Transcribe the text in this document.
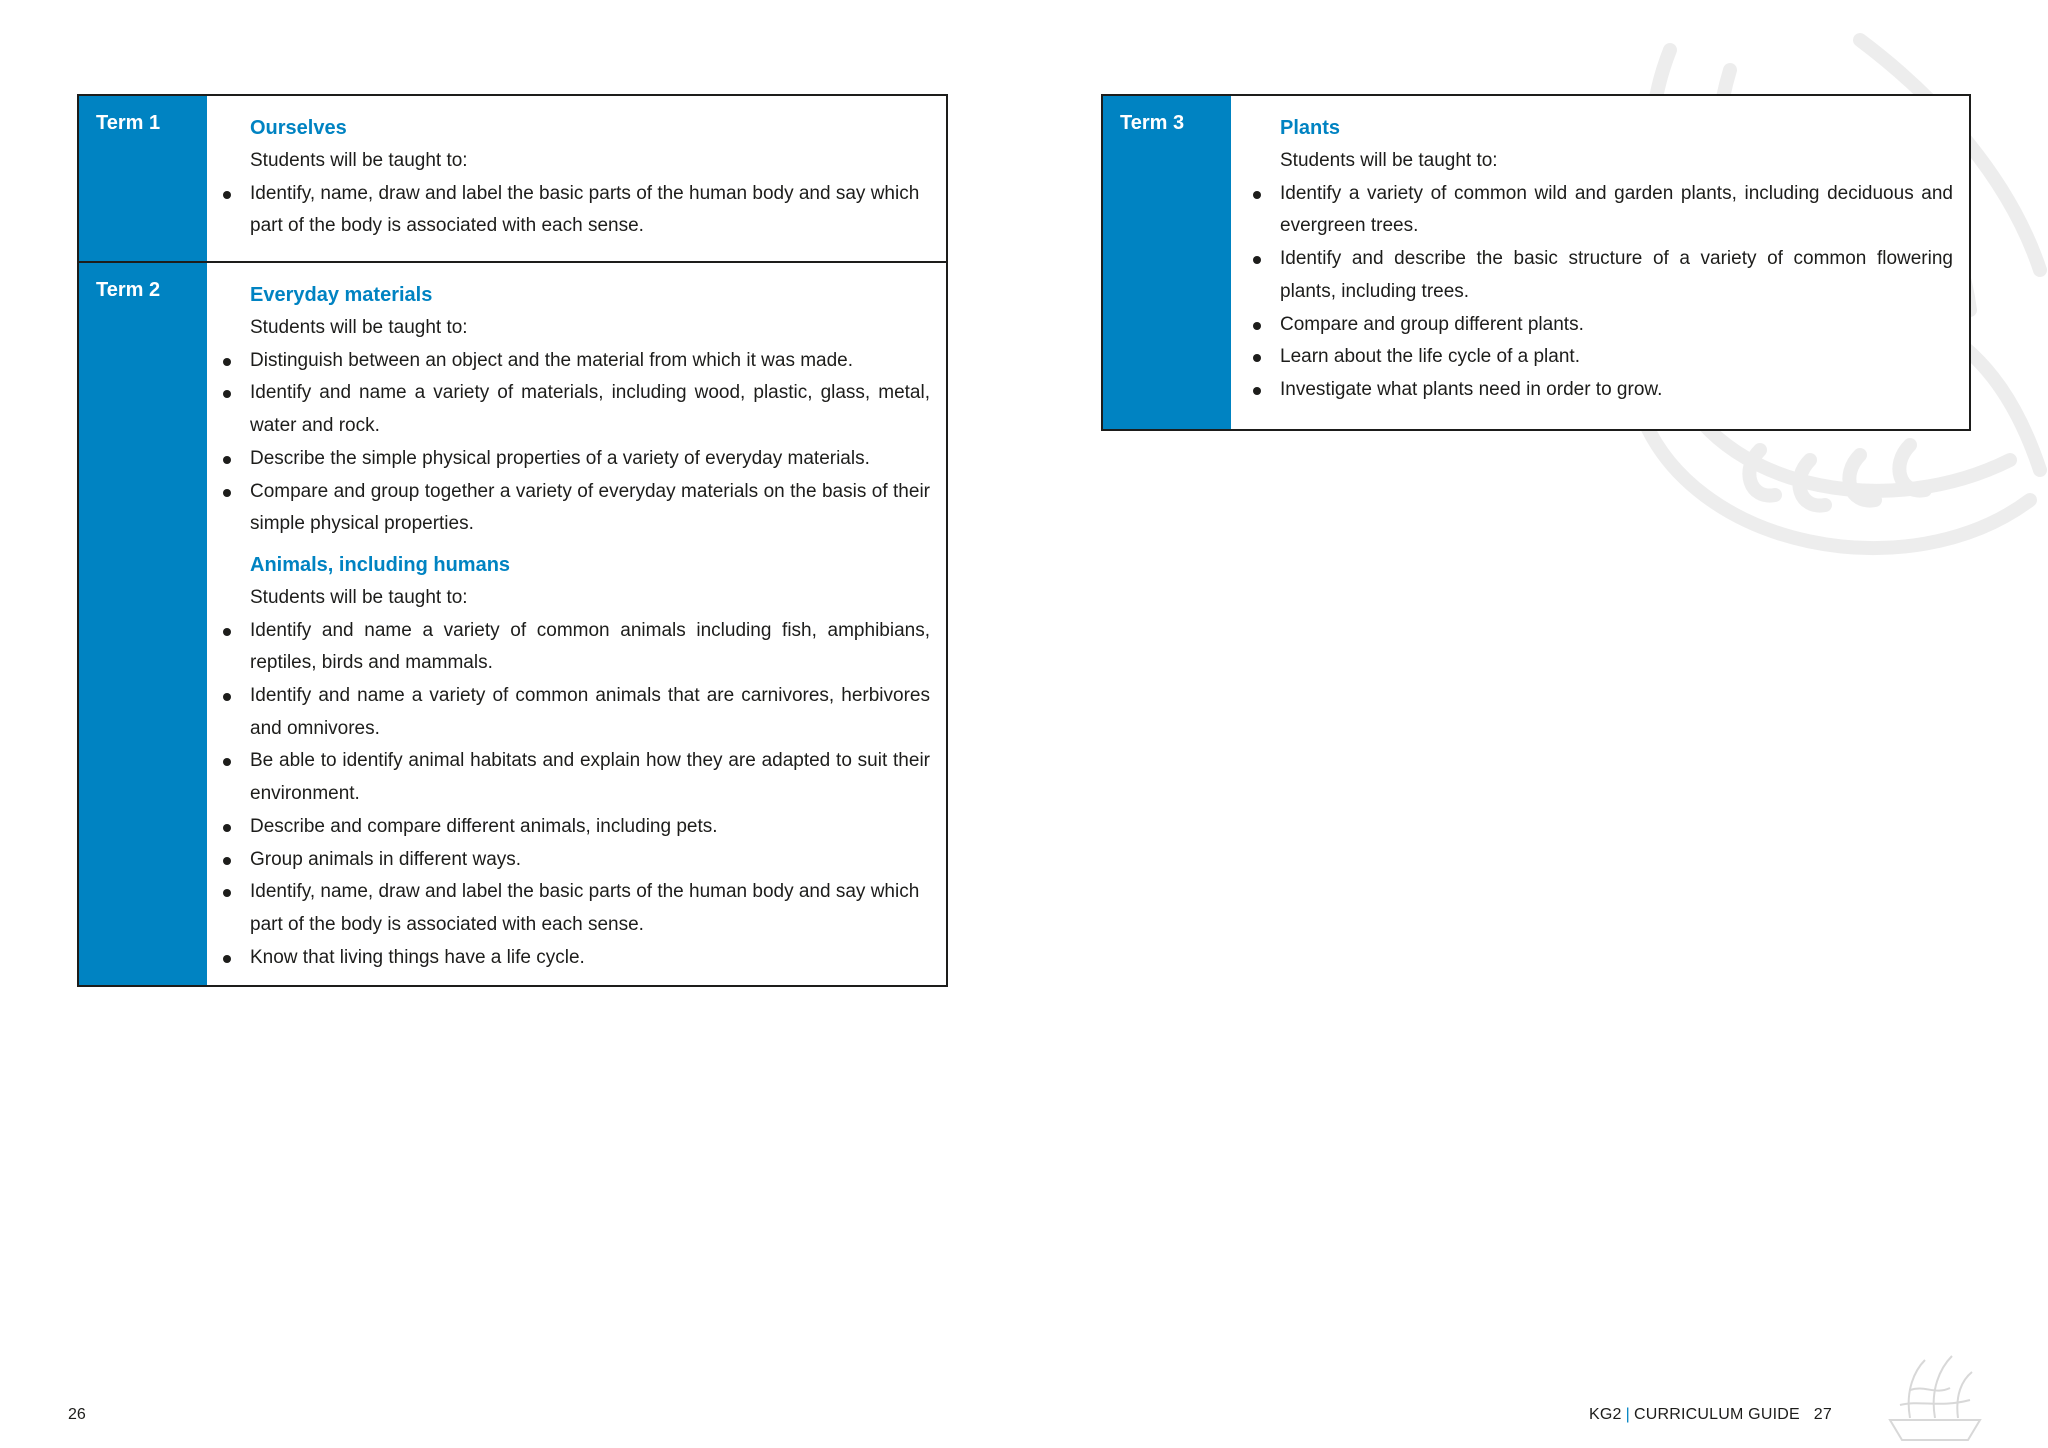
Term 1	Ourselves
Students will be taught to:
Identify, name, draw and label the basic parts of the human body and say which part of the body is associated with each sense.
Term 2	Everyday materials
Students will be taught to:
Distinguish between an object and the material from which it was made.
Identify and name a variety of materials, including wood, plastic, glass, metal, water and rock.
Describe the simple physical properties of a variety of everyday materials.
Compare and group together a variety of everyday materials on the basis of their simple physical properties.
Animals, including humans
Students will be taught to:
Identify and name a variety of common animals including fish, amphibians, reptiles, birds and mammals.
Identify and name a variety of common animals that are carnivores, herbivores and omnivores.
Be able to identify animal habitats and explain how they are adapted to suit their environment.
Describe and compare different animals, including pets.
Group animals in different ways.
Identify, name, draw and label the basic parts of the human body and say which part of the body is associated with each sense.
Know that living things have a life cycle.
Term 3	Plants
Students will be taught to:
Identify a variety of common wild and garden plants, including deciduous and evergreen trees.
Identify and describe the basic structure of a variety of common flowering plants, including trees.
Compare and group different plants.
Learn about the life cycle of a plant.
Investigate what plants need in order to grow.
26	KG2 | CURRICULUM GUIDE 27
